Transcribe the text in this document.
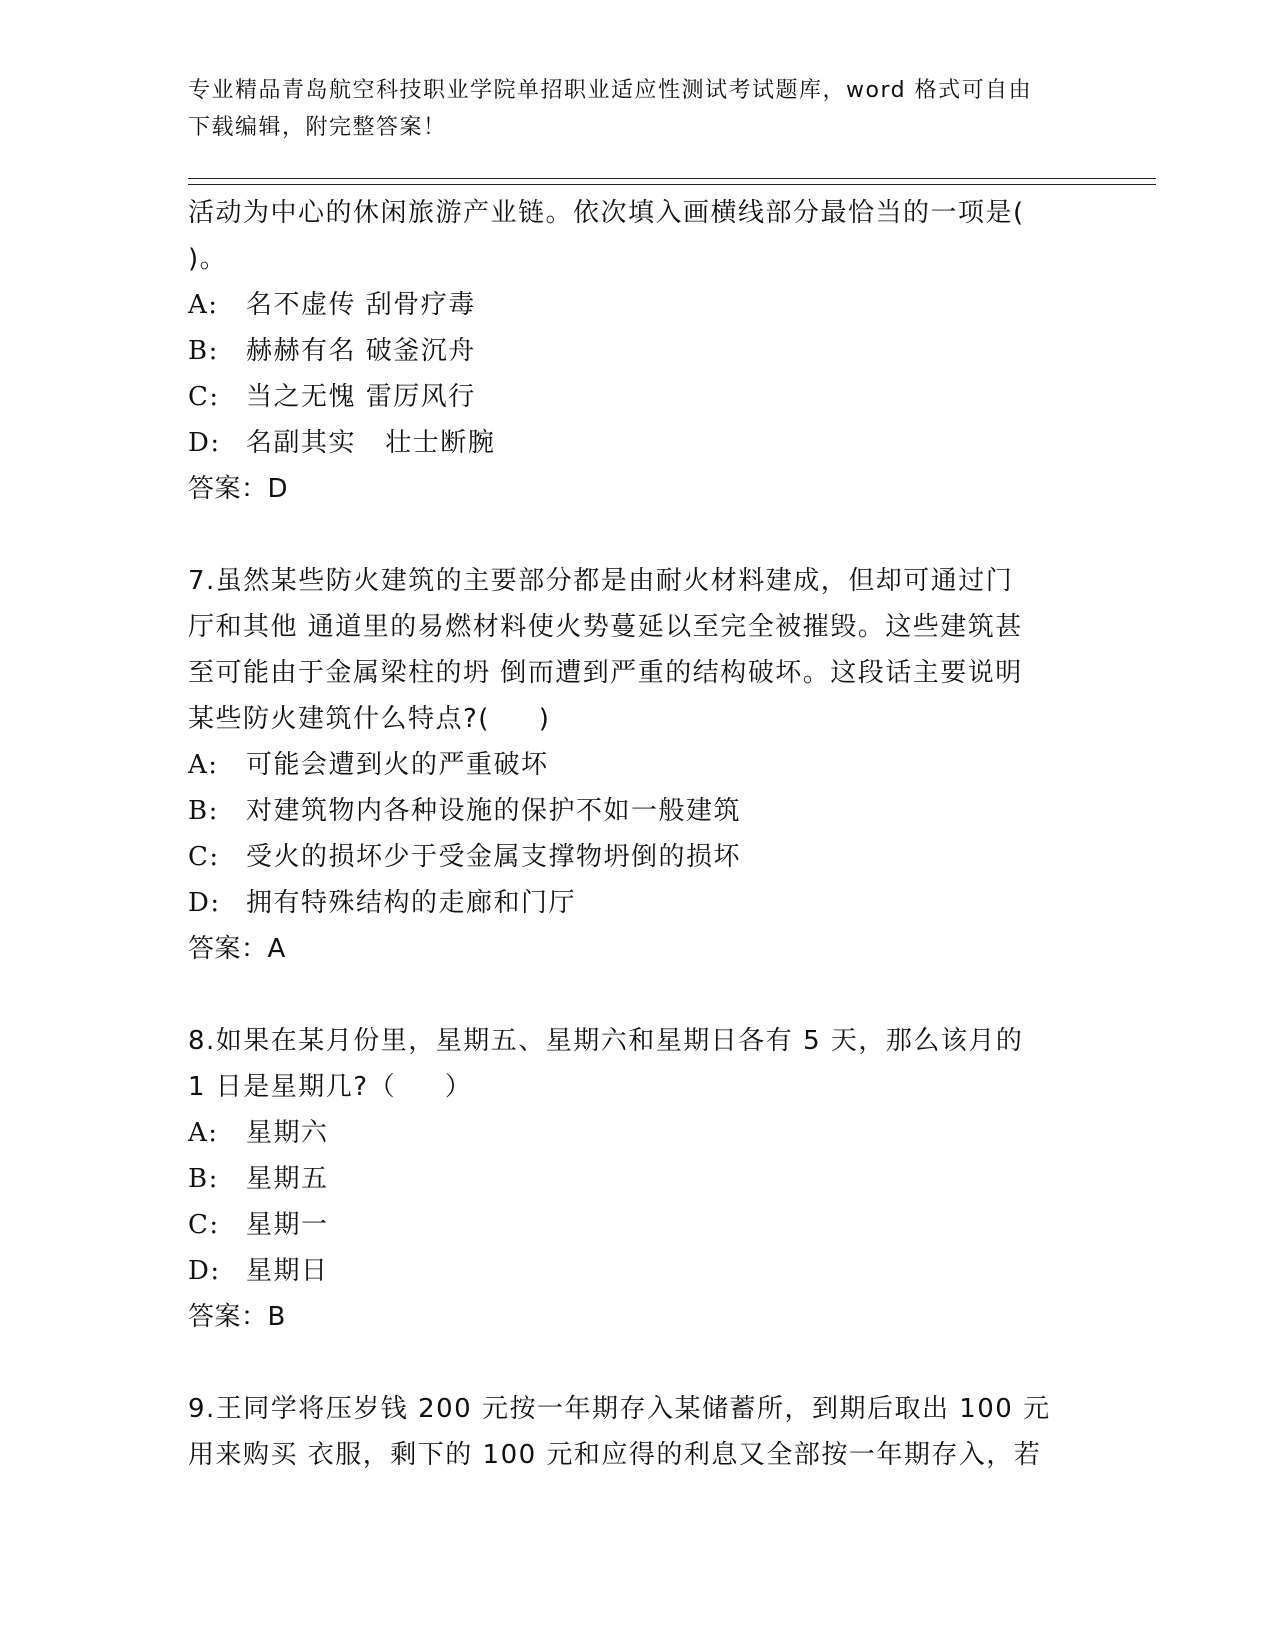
专业精品青岛航空科技职业学院单招职业适应性测试考试题库，word 格式可自由
下载编辑，附完整答案！
活动为中心的休闲旅游产业链。依次填入画横线部分最恰当的一项是(
)。
A:	名不虚传 刮骨疗毒
B:	赫赫有名 破釜沉舟
C:	当之无愧 雷厉风行
D: 名副其实   壮士断腕
答案：D
7.虽然某些防火建筑的主要部分都是由耐火材料建成，但却可通过门
厅和其他 通道里的易燃材料使火势蔓延以至完全被摧毁。这些建筑甚
至可能由于金属梁柱的坍 倒而遭到严重的结构破坏。这段话主要说明
某些防火建筑什么特点?(     )
A:	可能会遭到火的严重破坏
B:	对建筑物内各种设施的保护不如一般建筑
C:	受火的损坏少于受金属支撑物坍倒的损坏
D: 拥有特殊结构的走廊和门厅
答案：A
8.如果在某月份里，星期五、星期六和星期日各有 5 天，那么该月的
1 日是星期几?（     ）
A:	星期六
B:	星期五
C:	星期一
D: 星期日
答案：B
9.王同学将压岁钱 200 元按一年期存入某储蓄所，到期后取出 100 元
用来购买 衣服，剩下的 100 元和应得的利息又全部按一年期存入，若
